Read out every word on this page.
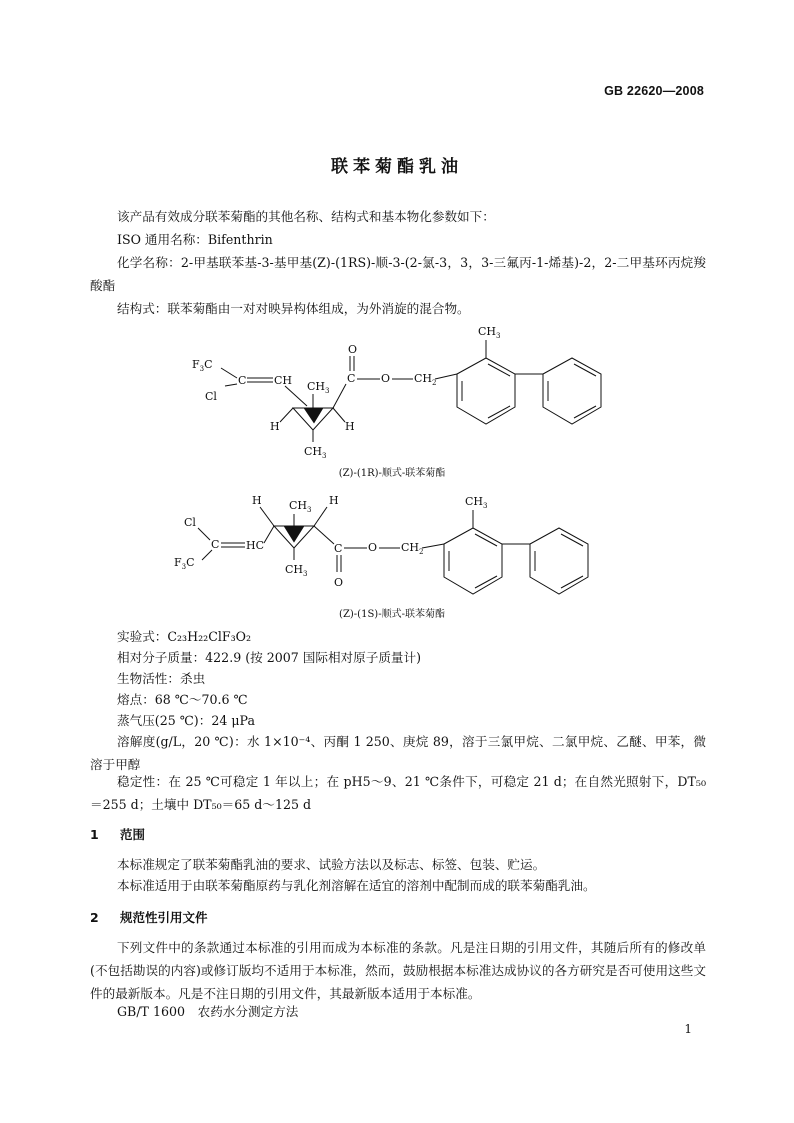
GB 22620—2008
联苯菊酯乳油

该产品有效成分联苯菊酯的其他名称、结构式和基本物化参数如下：

ISO 通用名称：Bifenthrin

化学名称：2-甲基联苯基-3-基甲基(Z)-(1RS)-顺-3-(2-氯-3，3，3-三氟丙-1-烯基)-2，2-二甲基环丙烷羧酸酯

结构式：联苯菊酯由一对对映异构体组成，为外消旋的混合物。

$F_3C$
C
Cl
CH $CH_3$
H	H
$CH_3$
C
O
O $CH_2$
$CH_3$
(Z)-(1R)-顺式-联苯菊酯
Cl
C HC
$F_3C$
H	H
$CH_3$
$CH_3$
C
O
O $CH_2$
$CH_3$
(Z)-(1S)-顺式-联苯菊酯

实验式：C₂₃H₂₂ClF₃O₂

相对分子质量：422.9 (按 2007 国际相对原子质量计)

生物活性：杀虫

熔点：68 ℃～70.6 ℃

蒸气压(25 ℃)：24 μPa

溶解度(g/L，20 ℃)：水 1×10⁻⁴、丙酮 1 250、庚烷 89，溶于三氯甲烷、二氯甲烷、乙醚、甲苯，微溶于甲醇

稳定性：在 25 ℃可稳定 1 年以上；在 pH5～9、21 ℃条件下，可稳定 21 d；在自然光照射下，DT₅₀＝255 d；土壤中 DT₅₀＝65 d～125 d

1 范围

本标准规定了联苯菊酯乳油的要求、试验方法以及标志、标签、包装、贮运。

本标准适用于由联苯菊酯原药与乳化剂溶解在适宜的溶剂中配制而成的联苯菊酯乳油。

2 规范性引用文件

下列文件中的条款通过本标准的引用而成为本标准的条款。凡是注日期的引用文件，其随后所有的修改单(不包括勘误的内容)或修订版均不适用于本标准，然而，鼓励根据本标准达成协议的各方研究是否可使用这些文件的最新版本。凡是不注日期的引用文件，其最新版本适用于本标准。

GB/T 1600　农药水分测定方法

1
